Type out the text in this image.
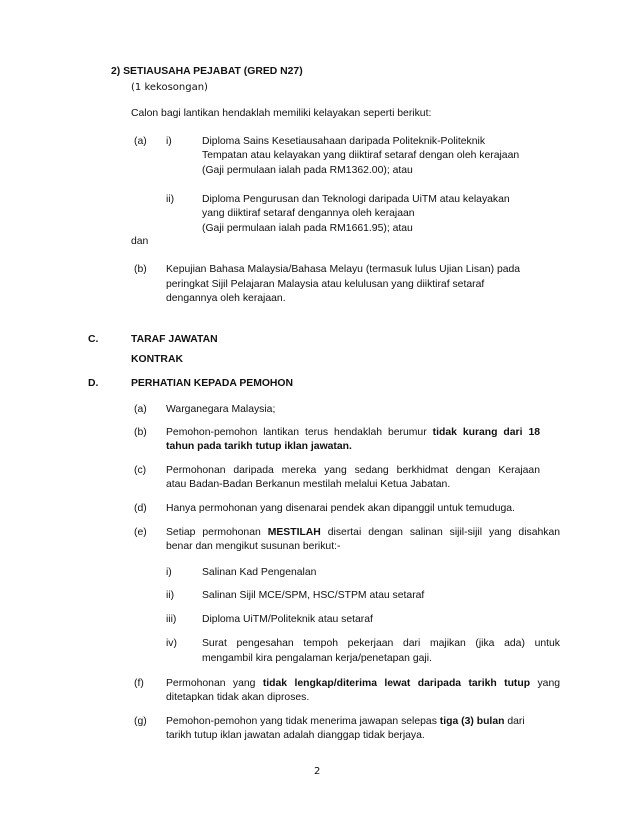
2) SETIAUSAHA PEJABAT (GRED N27)
(1 kekosongan)
Calon bagi lantikan hendaklah memiliki kelayakan seperti berikut:
(a) i)	Diploma Sains Kesetiausahaan daripada Politeknik-Politeknik
Tempatan atau kelayakan yang diiktiraf setaraf dengan oleh kerajaan
(Gaji permulaan ialah pada RM1362.00); atau
ii)	Diploma Pengurusan dan Teknologi daripada UiTM atau kelayakan
yang diiktiraf setaraf dengannya oleh kerajaan
(Gaji permulaan ialah pada RM1661.95); atau
dan
(b) Kepujian Bahasa Malaysia/Bahasa Melayu (termasuk lulus Ujian Lisan) pada
peringkat Sijil Pelajaran Malaysia atau kelulusan yang diiktiraf setaraf
dengannya oleh kerajaan.
C.	TARAF JAWATAN
KONTRAK
D.	PERHATIAN KEPADA PEMOHON
(a) Warganegara Malaysia;
(b) Pemohon-pemohon lantikan terus hendaklah berumur tidak kurang dari 18
tahun pada tarikh tutup iklan jawatan.
(c) Permohonan daripada mereka yang sedang berkhidmat dengan Kerajaan
atau Badan-Badan Berkanun mestilah melalui Ketua Jabatan.
(d) Hanya permohonan yang disenarai pendek akan dipanggil untuk temuduga.
(e) Setiap permohonan MESTILAH disertai dengan salinan sijil-sijil yang disahkan
benar dan mengikut susunan berikut:-
i)	Salinan Kad Pengenalan
ii)	Salinan Sijil MCE/SPM, HSC/STPM atau setaraf
iii) Diploma UiTM/Politeknik atau setaraf
iv) Surat pengesahan tempoh pekerjaan dari majikan (jika ada) untuk
mengambil kira pengalaman kerja/penetapan gaji.
(f) Permohonan yang tidak lengkap/diterima lewat daripada tarikh tutup yang
ditetapkan tidak akan diproses.
(g) Pemohon-pemohon yang tidak menerima jawapan selepas tiga (3) bulan dari
tarikh tutup iklan jawatan adalah dianggap tidak berjaya.
2
